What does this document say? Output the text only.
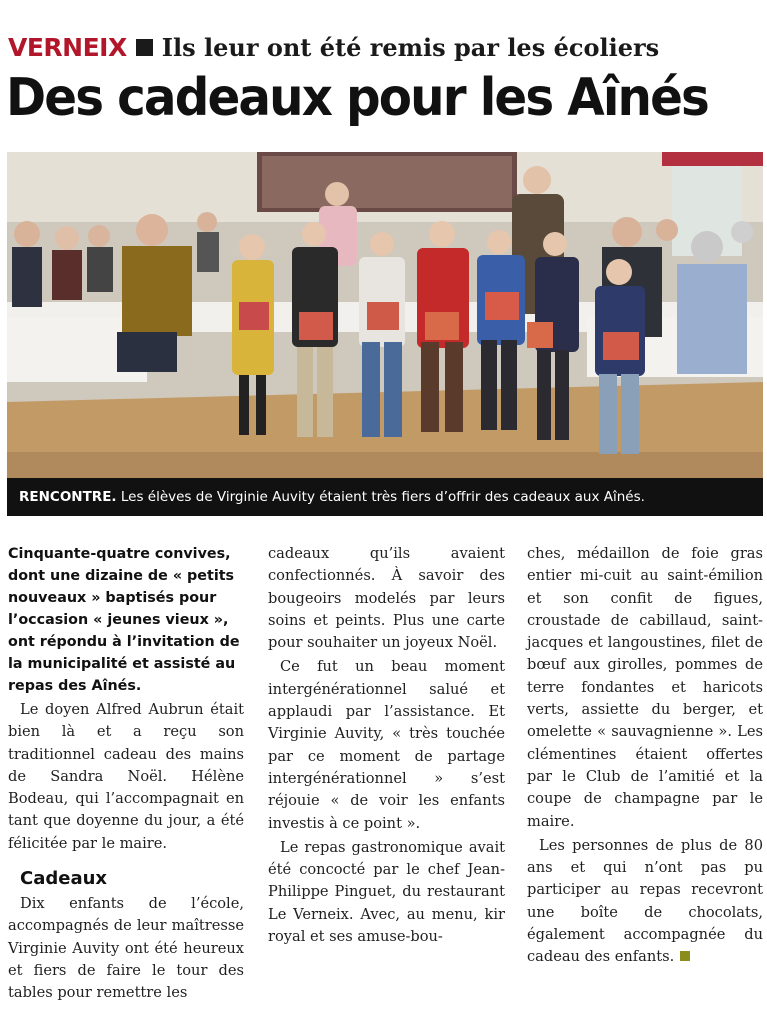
VERNEIX Ils leur ont été remis par les écoliers
Des cadeaux pour les Aînés
RENCONTRE. Les élèves de Virginie Auvity étaient très fiers d’offrir des cadeaux aux Aînés.

Cinquante-quatre convives, dont une dizaine de « petits nouveaux » baptisés pour l’occasion « jeunes vieux », ont répondu à l’invitation de la municipalité et assisté au repas des Aînés.

Le doyen Alfred Aubrun était bien là et a reçu son traditionnel cadeau des mains de Sandra Noël. Hélène Bodeau, qui l’accompagnait en tant que doyenne du jour, a été félicitée par le maire.

Cadeaux

Dix enfants de l’école, accompagnés de leur maîtresse Virginie Auvity ont été heureux et fiers de faire le tour des tables pour remettre les

cadeaux qu’ils avaient confectionnés. À savoir des bougeoirs modelés par leurs soins et peints. Plus une carte pour souhaiter un joyeux Noël.

Ce fut un beau moment intergénérationnel salué et applaudi par l’assistance. Et Virginie Auvity, « très touchée par ce moment de partage intergénérationnel » s’est réjouie « de voir les enfants investis à ce point ».

Le repas gastronomique avait été concocté par le chef Jean-Philippe Pinguet, du restaurant Le Verneix. Avec, au menu, kir royal et ses amuse-bou-

ches, médaillon de foie gras entier mi-cuit au saint-émilion et son confit de figues, croustade de cabillaud, saint-jacques et langoustines, filet de bœuf aux girolles, pommes de terre fondantes et haricots verts, assiette du berger, et omelette « sauvagnienne ». Les clémentines étaient offertes par le Club de l’amitié et la coupe de champagne par le maire.

Les personnes de plus de 80 ans et qui n’ont pas pu participer au repas recevront une boîte de chocolats, également accompagnée du cadeau des enfants.
